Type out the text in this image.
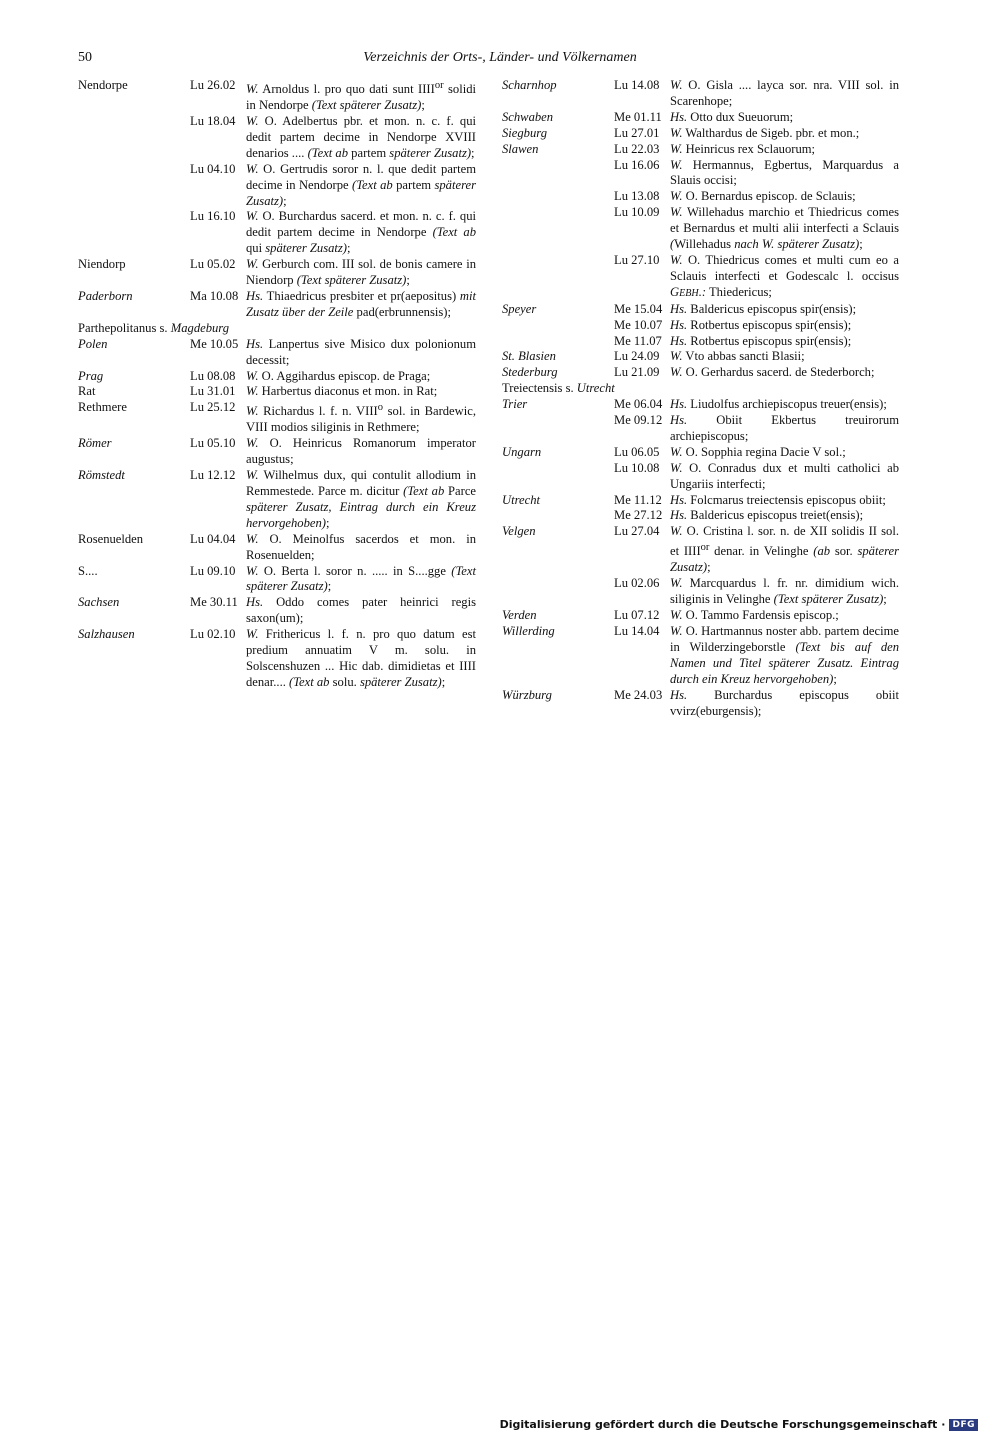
50	Verzeichnis der Orts-, Länder- und Völkernamen
Nendorpe	Lu 26.02 W. Arnoldus l. pro quo dati sunt $IIII^{or}$ solidi in Nendorpe (Text späterer Zusatz);
Lu 18.04 W. O. Adelbertus pbr. et mon. n. c. f. qui dedit partem decime in Nendorpe XVIII denarios .... (Text ab partem späterer Zusatz);
Lu 04.10 W. O. Gertrudis soror n. l. que dedit partem decime in Nendorpe (Text ab partem späterer Zusatz);
Lu 16.10 W. O. Burchardus sacerd. et mon. n. c. f. qui dedit partem decime in Nendorpe (Text ab qui späterer Zusatz);
Niendorp	Lu 05.02 W. Gerburch com. III sol. de bonis camere in Niendorp (Text späterer Zusatz);
Paderborn	Ma 10.08 Hs. Thiaedricus presbiter et pr(aepositus) mit Zusatz über der Zeile pad(erbrunnensis);
Parthepolitanus s. Magdeburg
Polen	Me 10.05 Hs. Lanpertus sive Misico dux polonionum decessit;
Prag	Lu 08.08 W. O. Aggihardus episcop. de Praga;
Rat	Lu 31.01 W. Harbertus diaconus et mon. in Rat;
Rethmere	Lu 25.12 W. Richardus l. f. n. VIII$^o$ sol. in Bardewic, VIII modios siliginis in Rethmere;
Römer	Lu 05.10 W. O. Heinricus Romanorum imperator augustus;
Römstedt	Lu 12.12 W. Wilhelmus dux, qui contulit allodium in Remmestede. Parce m. dicitur (Text ab Parce späterer Zusatz, Eintrag durch ein Kreuz hervorgehoben);
Rosenuelden	Lu 04.04 W. O. Meinolfus sacerdos et mon. in Rosenuelden;
S....	Lu 09.10 W. O. Berta l. soror n. ..... in S....gge (Text späterer Zusatz);
Sachsen	Me 30.11 Hs. Oddo comes pater heinrici regis saxon(um);
Salzhausen	Lu 02.10 W. Frithericus l. f. n. pro quo datum est predium annuatim V m. solu. in Solscenshuzen ... Hic dab. dimidietas et IIII denar.... (Text ab solu. späterer Zusatz);
Scharnhop	Lu 14.08 W. O. Gisla .... layca sor. nra. VIII sol. in Scarenhope;
Schwaben	Me 01.11 Hs. Otto dux Sueuorum;
Siegburg	Lu 27.01 W. Walthardus de Sigeb. pbr. et mon.;
Slawen	Lu 22.03 W. Heinricus rex Sclauorum;
Lu 16.06 W. Hermannus, Egbertus, Marquardus a Slauis occisi;
Lu 13.08 W. O. Bernardus episcop. de Sclauis;
Lu 10.09 W. Willehadus marchio et Thiedricus comes et Bernardus et multi alii interfecti a Sclauis (Willehadus nach W. späterer Zusatz);
Lu 27.10 W. O. Thiedricus comes et multi cum eo a Sclauis interfecti et Godescalc l. occisus GEBH.: Thiedericus;
Speyer	Me 15.04 Hs. Baldericus episcopus spir(ensis);
Me 10.07 Hs. Rotbertus episcopus spir(ensis);
Me 11.07 Hs. Rotbertus episcopus spir(ensis);
St. Blasien	Lu 24.09 W. Vto abbas sancti Blasii;
Stederburg	Lu 21.09 W. O. Gerhardus sacerd. de Stederborch;
Treiectensis s. Utrecht
Trier	Me 06.04 Hs. Liudolfus archiepiscopus treuer(ensis);
Me 09.12 Hs. Obiit Ekbertus treuirorum archiepiscopus;
Ungarn	Lu 06.05 W. O. Sopphia regina Dacie V sol.;
Lu 10.08 W. O. Conradus dux et multi catholici ab Ungariis interfecti;
Utrecht	Me 11.12 Hs. Folcmarus treiectensis episcopus obiit;
Me 27.12 Hs. Baldericus episcopus treiet(ensis);
Velgen	Lu 27.04 W. O. Cristina l. sor. n. de XII solidis II sol. et $IIII^{or}$ denar. in Velinghe (ab sor. späterer Zusatz);
Lu 02.06 W. Marcquardus l. fr. nr. dimidium wich. siliginis in Velinghe (Text späterer Zusatz);
Verden	Lu 07.12 W. O. Tammo Fardensis episcop.;
Willerding	Lu 14.04 W. O. Hartmannus noster abb. partem decime in Wilderzingeborstle (Text bis auf den Namen und Titel späterer Zusatz. Eintrag durch ein Kreuz hervorgehoben);
Würzburg	Me 24.03 Hs. Burchardus episcopus obiit vvirz(eburgensis);
Digitalisierung gefördert durch die Deutsche Forschungsgemeinschaft · DFG
